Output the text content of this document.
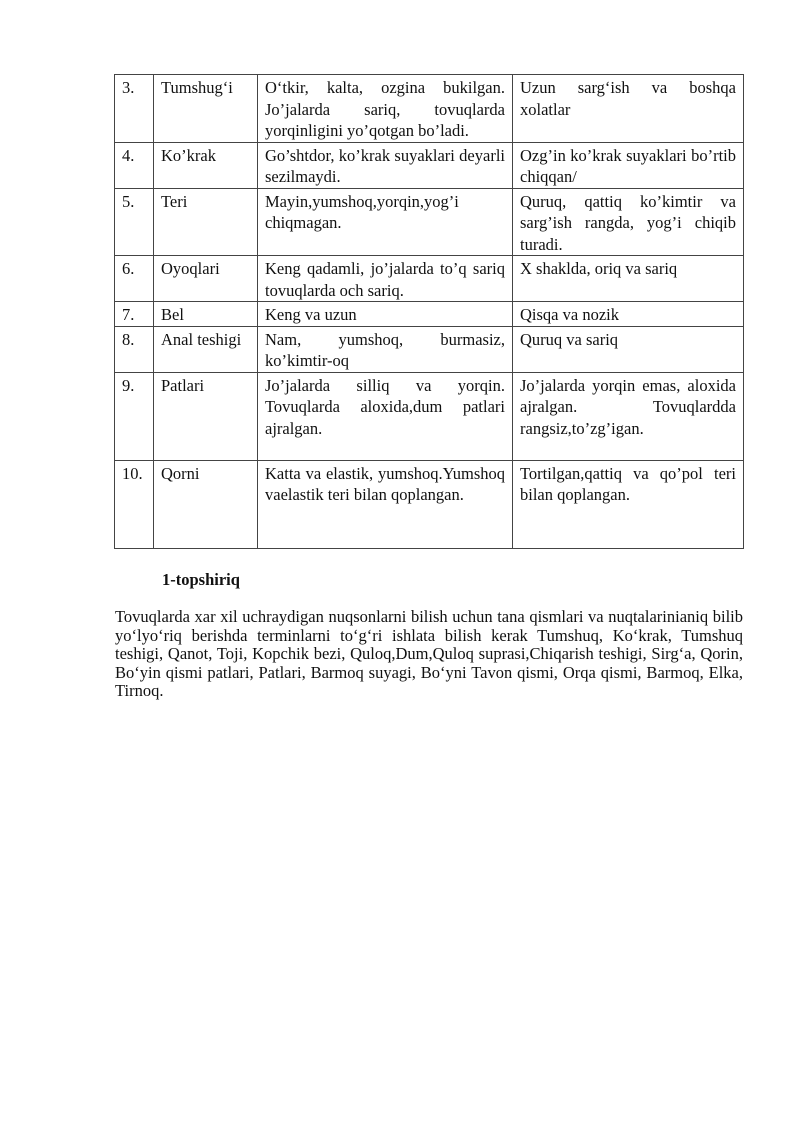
3.	Tumshug‘i	O‘tkir, kalta, ozgina bukilgan. Jo’jalarda sariq, tovuqlarda yorqinligini yo’qotgan bo’ladi.	Uzun sarg‘ish va boshqa xolatlar
4.	Ko’krak	Go’shtdor, ko’krak suyaklari deyarli sezilmaydi.	Ozg’in ko’krak suyaklari bo’rtib chiqqan/
5.	Teri	Mayin,yumshoq,yorqin,yog’i chiqmagan.	Quruq, qattiq ko’kimtir va sarg’ish rangda, yog’i chiqib turadi.
6.	Oyoqlari	Keng qadamli, jo’jalarda to’q sariq tovuqlarda och sariq.	X shaklda, oriq va sariq
7.	Bel	Keng va uzun	Qisqa va nozik
8.	Anal teshigi	Nam, yumshoq, burmasiz, ko’kimtir-oq	Quruq va sariq
9.	Patlari	Jo’jalarda silliq va yorqin. Tovuqlarda aloxida,dum patlari ajralgan.	Jo’jalarda yorqin emas, aloxida ajralgan. Tovuqlardda rangsiz,to’zg’igan.
10.	Qorni	Katta va elastik, yumshoq.Yumshoq vaelastik teri bilan qoplangan.	Tortilgan,qattiq va qo’pol teri bilan qoplangan.
1-topshiriq

Tovuqlarda xar xil uchraydigan nuqsonlarni bilish uchun tana qismlari va nuqtalarinianiq bilib yo‘lyo‘riq berishda terminlarni to‘g‘ri ishlata bilish kerak Tumshuq, Ko‘krak, Tumshuq teshigi, Qanot, Toji, Kopchik bezi, Quloq,Dum,Quloq suprasi,Chiqarish teshigi, Sirg‘a, Qorin, Bo‘yin qismi patlari, Patlari, Barmoq suyagi, Bo‘yni Tavon qismi, Orqa qismi, Barmoq, Elka, Tirnoq.
